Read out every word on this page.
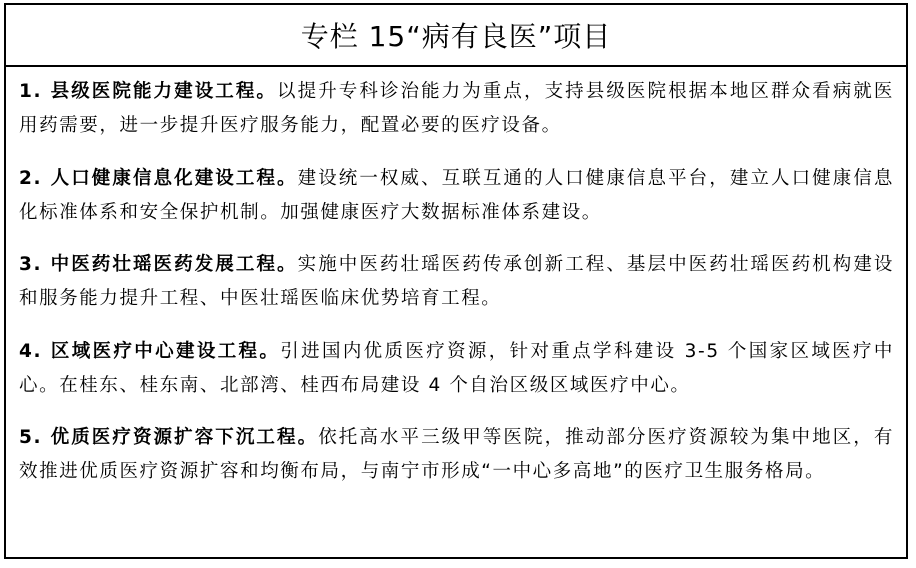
专栏 15“病有良医”项目

1. 县级医院能力建设工程。以提升专科诊治能力为重点，支持县级医院根据本地区群众看病就医用药需要，进一步提升医疗服务能力，配置必要的医疗设备。

2. 人口健康信息化建设工程。建设统一权威、互联互通的人口健康信息平台，建立人口健康信息化标准体系和安全保护机制。加强健康医疗大数据标准体系建设。

3. 中医药壮瑶医药发展工程。实施中医药壮瑶医药传承创新工程、基层中医药壮瑶医药机构建设和服务能力提升工程、中医壮瑶医临床优势培育工程。

4. 区域医疗中心建设工程。引进国内优质医疗资源，针对重点学科建设 3-5 个国家区域医疗中心。在桂东、桂东南、北部湾、桂西布局建设 4 个自治区级区域医疗中心。

5. 优质医疗资源扩容下沉工程。依托高水平三级甲等医院，推动部分医疗资源较为集中地区，有效推进优质医疗资源扩容和均衡布局，与南宁市形成“一中心多高地”的医疗卫生服务格局。
